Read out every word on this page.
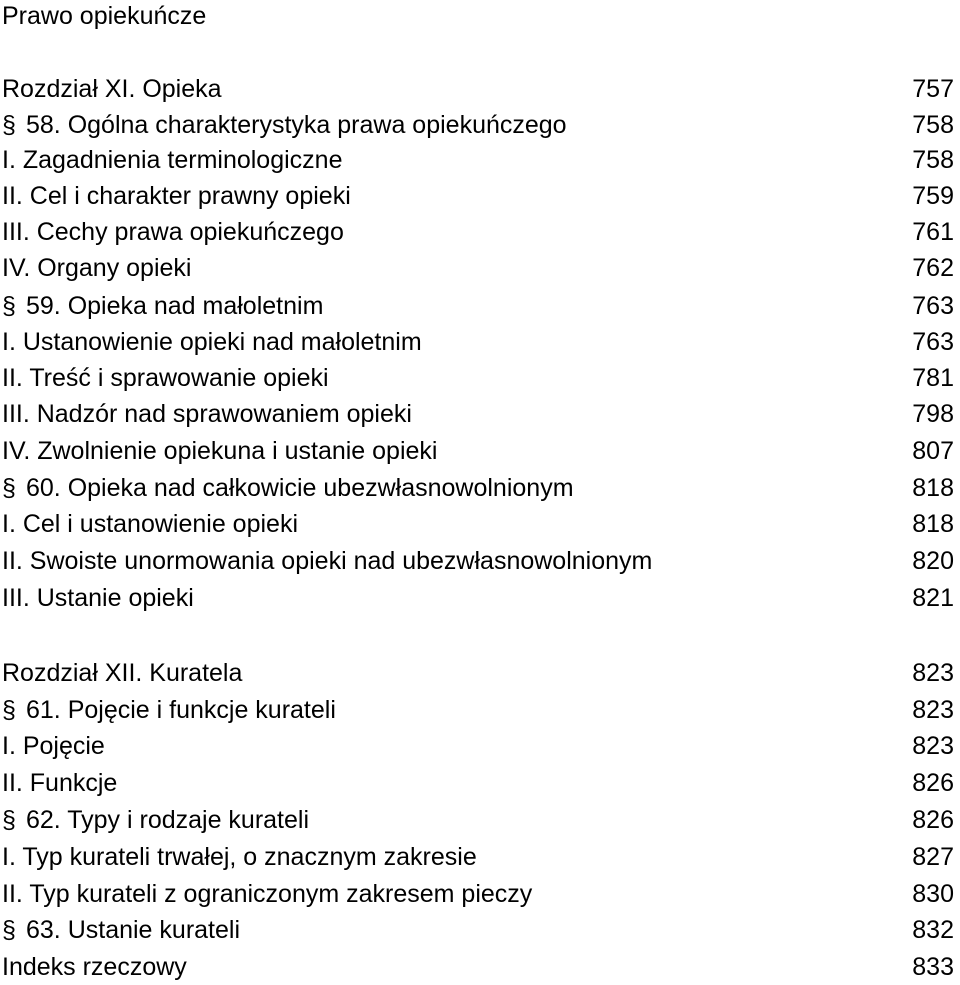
Prawo opiekuńcze
Rozdział XI. Opieka	757
§ 58. Ogólna charakterystyka prawa opiekuńczego	758
I. Zagadnienia terminologiczne	758
II. Cel i charakter prawny opieki	759
III. Cechy prawa opiekuńczego	761
IV. Organy opieki	762
§ 59. Opieka nad małoletnim	763
I. Ustanowienie opieki nad małoletnim	763
II. Treść i sprawowanie opieki	781
III. Nadzór nad sprawowaniem opieki	798
IV. Zwolnienie opiekuna i ustanie opieki	807
§ 60. Opieka nad całkowicie ubezwłasnowolnionym	818
I. Cel i ustanowienie opieki	818
II. Swoiste unormowania opieki nad ubezwłasnowolnionym	820
III. Ustanie opieki	821
Rozdział XII. Kuratela	823
§ 61. Pojęcie i funkcje kurateli	823
I. Pojęcie	823
II. Funkcje	826
§ 62. Typy i rodzaje kurateli	826
I. Typ kurateli trwałej, o znacznym zakresie	827
II. Typ kurateli z ograniczonym zakresem pieczy	830
§ 63. Ustanie kurateli	832
Indeks rzeczowy	833
